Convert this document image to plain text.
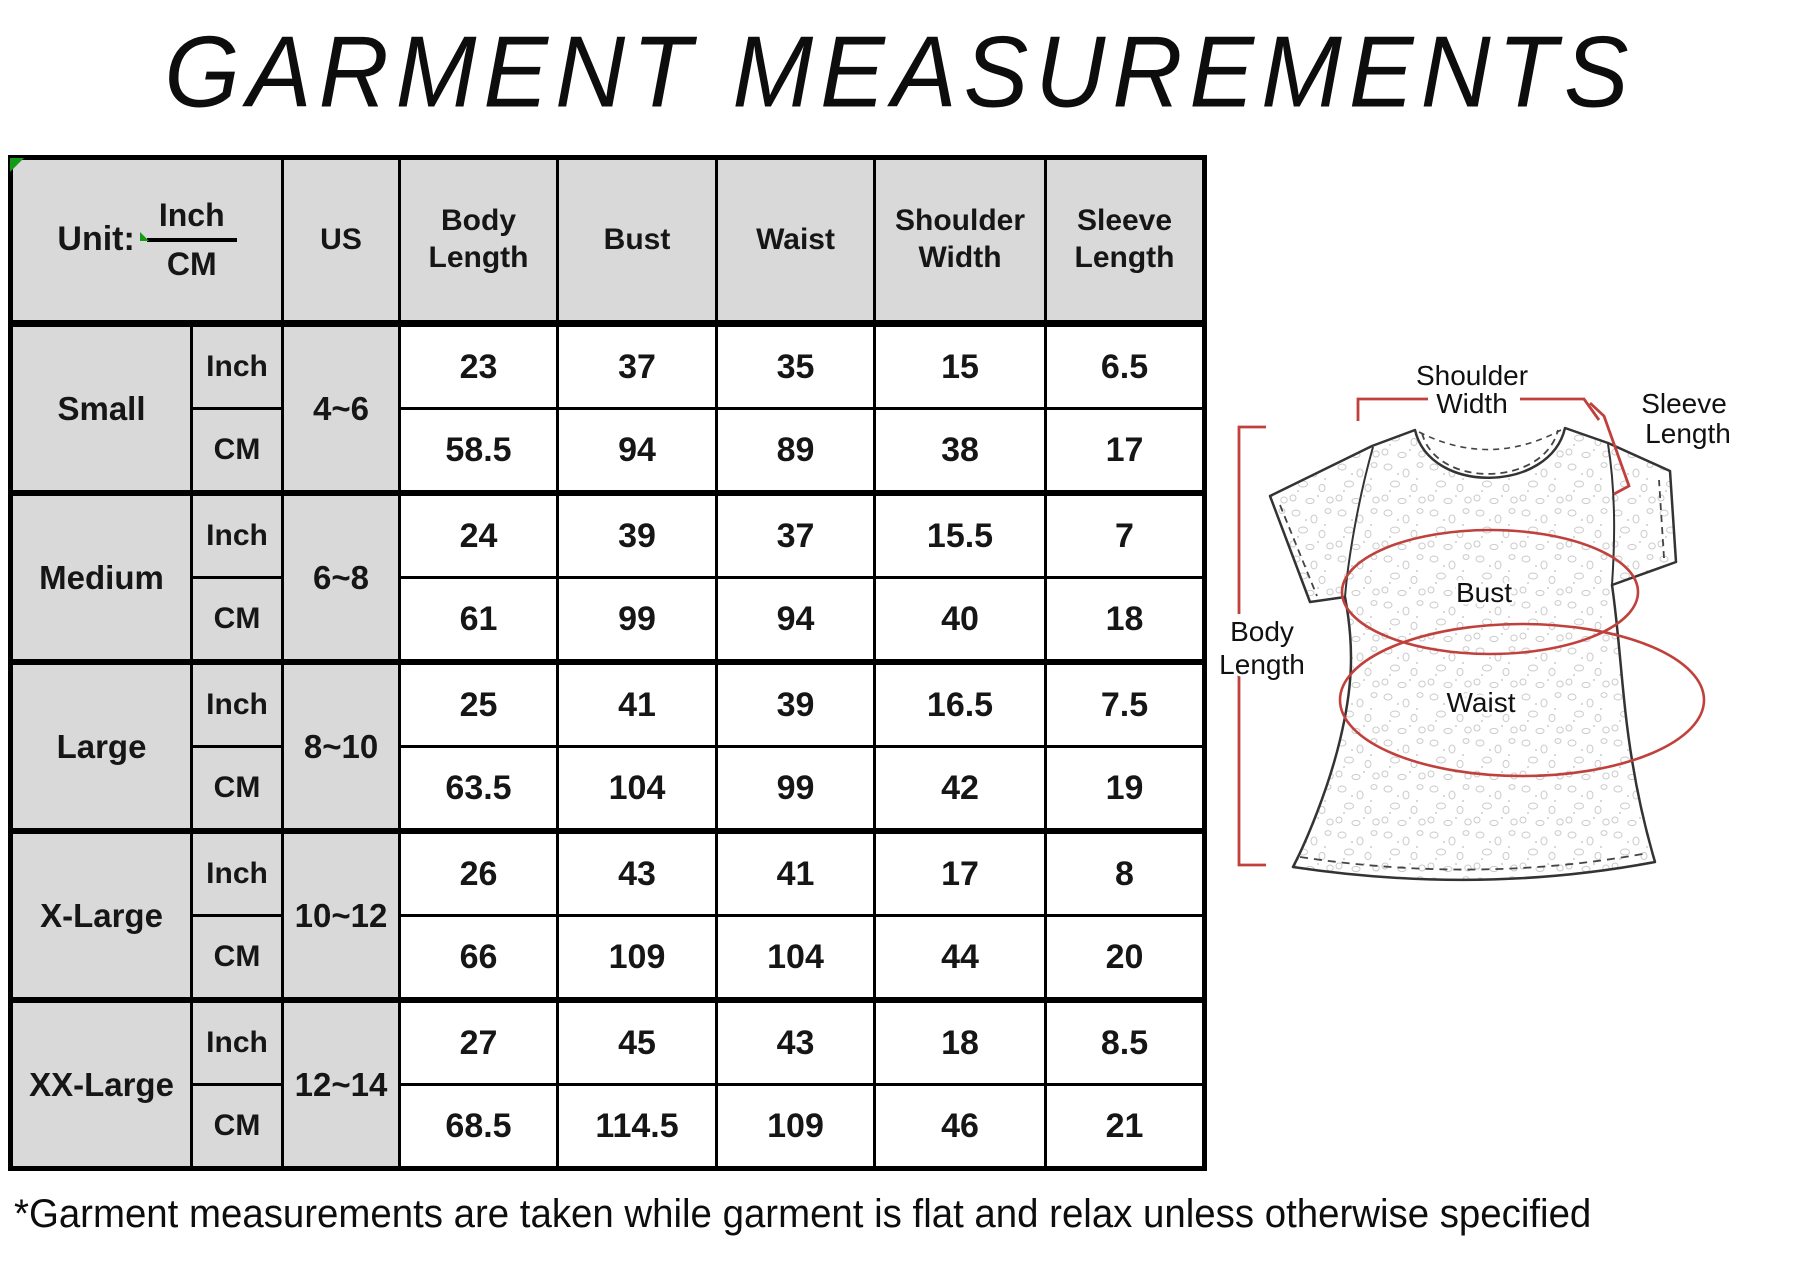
GARMENT MEASUREMENTS
Unit: $\frac{\text{Inch}}{CM}$		US	Body Length	Bust	Waist	Shoulder Width	Sleeve Length
Small	Inch	4~6	23	37	35	15	6.5
	CM		58.5	94	89	38	17
Medium	Inch	6~8	24	39	37	15.5	7
	CM		61	99	94	40	18
Large	Inch	8~10	25	41	39	16.5	7.5
	CM		63.5	104	99	42	19
X-Large	Inch	10~12	26	43	41	17	8
	CM		66	109	104	44	20
XX-Large	Inch	12~14	27	45	43	18	8.5
	CM		68.5	114.5	109	46	21
Shoulder
Width	Sleeve
Length
Body
Length
Bust
Waist
*Garment measurements are taken while garment is flat and relax unless otherwise specified
